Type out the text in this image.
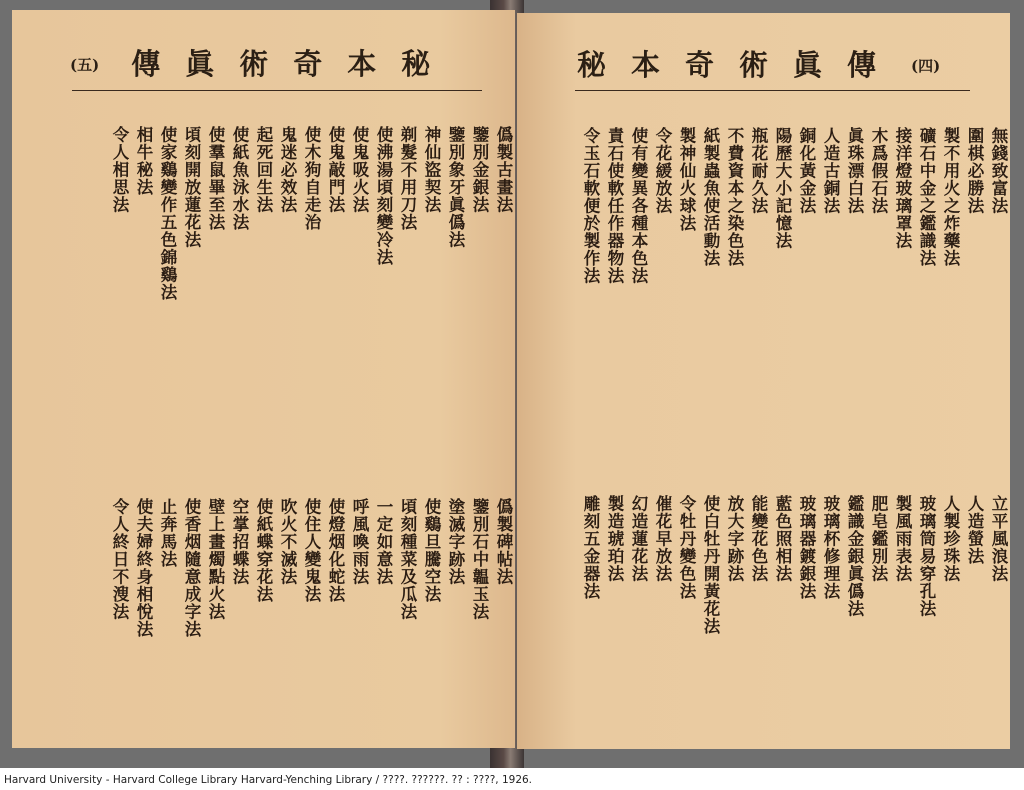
(五) 傳眞術奇本秘
僞製古畫法
鑒別金銀法
鑒別象牙眞僞法
神仙盜契法
剃髮不用刀法
使沸湯頃刻變冷法
使鬼吸火法
使鬼敲門法
使木狗自走治
鬼迷必效法
起死回生法
使紙魚泳水法
使羣鼠畢至法
頃刻開放蓮花法
使家鷄變作五色錦鷄法
相牛秘法
令人相思法
僞製碑帖法
鑒別石中韞玉法
塗滅字跡法
使鷄旦騰空法
頃刻種菜及瓜法
一定如意法
呼風喚雨法
使燈烟化蛇法
使住人變鬼法
吹火不滅法
使紙蝶穿花法
空掌招蝶法
壁上畫燭點火法
使香烟隨意成字法
止奔馬法
使夫婦終身相悅法
令人終日不溲法
秘本奇術眞傳 (四)
無錢致富法
圍棋必勝法
製不用火之炸藥法
礦石中金之鑑識法
接洋燈玻璃罩法
木爲假石法
眞珠漂白法
人造古銅法
銅化黃金法
陽歷大小記憶法
瓶花耐久法
不費資本之染色法
紙製蟲魚使活動法
製神仙火球法
令花緩放法
使有變異各種本色法
責石使軟任作器物法
令玉石軟便於製作法
立平風浪法
人造螢法
人製珍珠法
玻璃筒易穿孔法
製風雨表法
肥皂鑑別法
鑑識金銀眞僞法
玻璃杯修理法
玻璃器鍍銀法
藍色照相法
能變花色法
放大字跡法
使白牡丹開黃花法
令牡丹變色法
催花早放法
幻造蓮花法
製造琥珀法
雕刻五金器法
Harvard University - Harvard College Library Harvard-Yenching Library / ????. ??????. ?? : ????, 1926.
